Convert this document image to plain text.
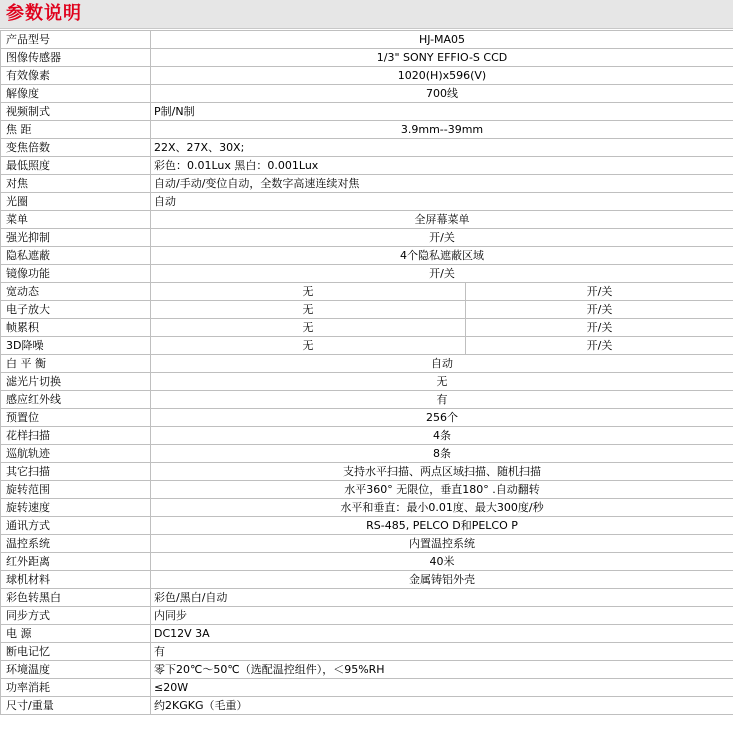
参数说明
产品型号	HJ-MA05	
图像传感器	1/3" SONY EFFIO-S CCD	
有效像素	1020(H)x596(V)	
解像度	700线	
视频制式	P制/N制	
焦 距	3.9mm--39mm	
变焦倍数	22X、27X、30X;	
最低照度	彩色：0.01Lux 黑白：0.001Lux	
对焦	自动/手动/变位自动，全数字高速连续对焦	
光圈	自动	
菜单	全屏幕菜单	
强光抑制	开/关	
隐私遮蔽	4个隐私遮蔽区域	
镜像功能	开/关	
宽动态	无	开/关
电子放大	无	开/关
帧累积	无	开/关
3D降噪	无	开/关
白 平 衡	自动	
滤光片切换	无	
感应红外线	有	
预置位	256个	
花样扫描	4条	
巡航轨迹	8条	
其它扫描	支持水平扫描、两点区域扫描、随机扫描	
旋转范围	水平360° 无限位，垂直180° .自动翻转	
旋转速度	水平和垂直：最小0.01度、最大300度/秒	
通讯方式	RS-485, PELCO D和PELCO P	
温控系统	内置温控系统	
红外距离	40米	
球机材料	金属铸铝外壳	
彩色转黑白	彩色/黑白/自动	
同步方式	内同步	
电 源	DC12V 3A	
断电记忆	有	
环境温度	零下20℃～50℃（选配温控组件），＜95%RH	
功率消耗	≤20W	
尺寸/重量	约2KGKG（毛重）	
